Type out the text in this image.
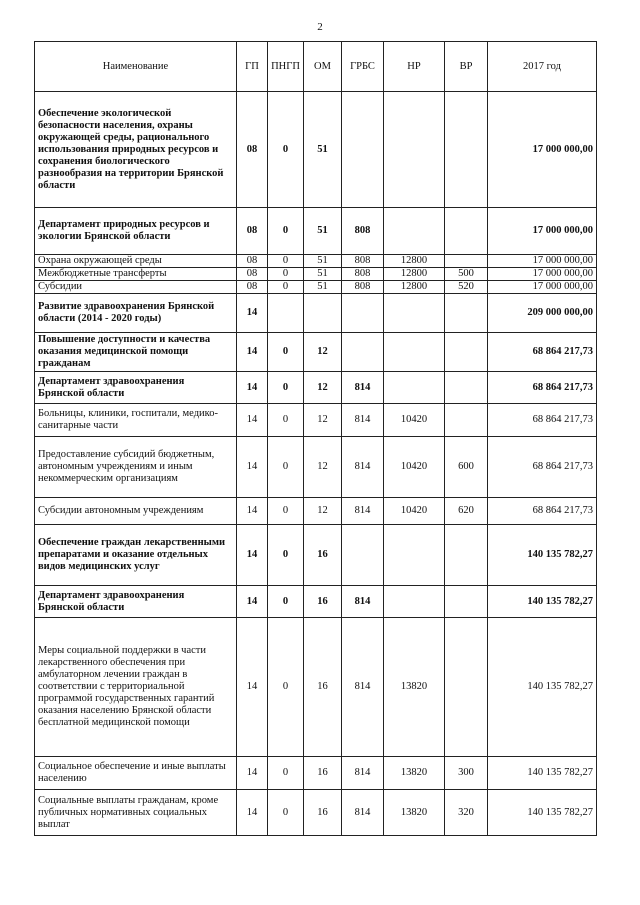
2
Наименование	ГП	ПНГП	ОМ	ГРБС	НР	ВР	2017 год
Обеспечение экологической безопасности населения, охраны окружающей среды, рационального использования природных ресурсов и сохранения биологического разнообразия на территории Брянской области	08	0	51				17 000 000,00
Департамент природных ресурсов и экологии Брянской области	08	0	51	808			17 000 000,00
Охрана окружающей среды	08	0	51	808	12800		17 000 000,00
Межбюджетные трансферты	08	0	51	808	12800	500	17 000 000,00
Субсидии	08	0	51	808	12800	520	17 000 000,00
Развитие здравоохранения Брянской области (2014 - 2020 годы)	14						209 000 000,00
Повышение доступности и качества оказания медицинской помощи гражданам	14	0	12				68 864 217,73
Департамент здравоохранения Брянской области	14	0	12	814			68 864 217,73
Больницы, клиники, госпитали, медико-санитарные части	14	0	12	814	10420		68 864 217,73
Предоставление субсидий бюджетным, автономным учреждениям и иным некоммерческим организациям	14	0	12	814	10420	600	68 864 217,73
Субсидии автономным учреждениям	14	0	12	814	10420	620	68 864 217,73
Обеспечение граждан лекарственными препаратами и оказание отдельных видов медицинских услуг	14	0	16				140 135 782,27
Департамент здравоохранения Брянской области	14	0	16	814			140 135 782,27
Меры социальной поддержки в части лекарственного обеспечения при амбулаторном лечении граждан в соответствии с территориальной программой государственных гарантий оказания населению Брянской области бесплатной медицинской помощи	14	0	16	814	13820		140 135 782,27
Социальное обеспечение и иные выплаты населению	14	0	16	814	13820	300	140 135 782,27
Социальные выплаты гражданам, кроме публичных нормативных социальных выплат	14	0	16	814	13820	320	140 135 782,27
